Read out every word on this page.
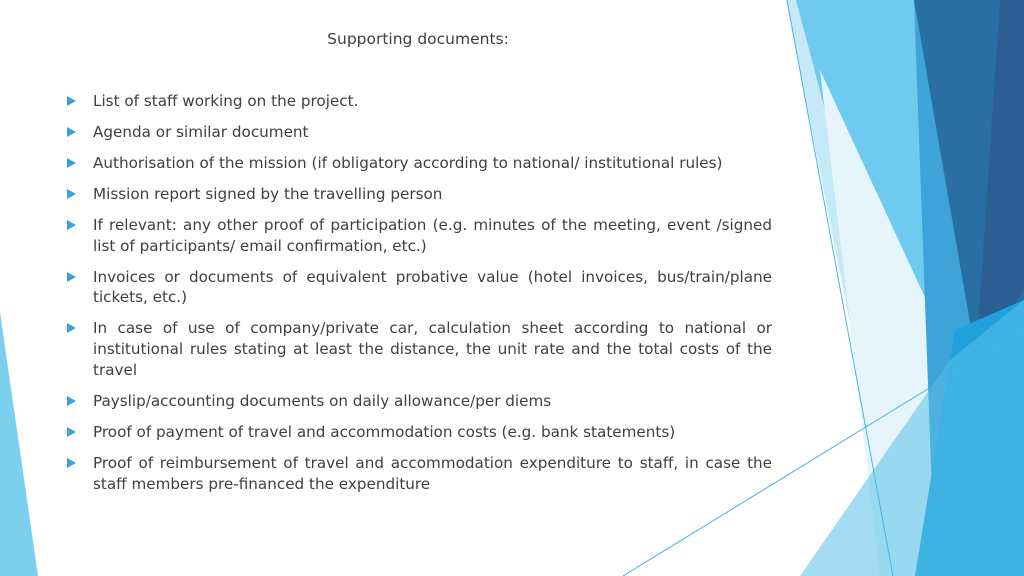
Supporting documents:
List of staff working on the project.
Agenda or similar document
Authorisation of the mission (if obligatory according to national/ institutional rules)
Mission report signed by the travelling person
If relevant: any other proof of participation (e.g. minutes of the meeting, event /signed list of participants/ email confirmation, etc.)
Invoices or documents of equivalent probative value (hotel invoices, bus/train/plane tickets, etc.)
In case of use of company/private car, calculation sheet according to national or institutional rules stating at least the distance, the unit rate and the total costs of the travel
Payslip/accounting documents on daily allowance/per diems
Proof of payment of travel and accommodation costs (e.g. bank statements)
Proof of reimbursement of travel and accommodation expenditure to staff, in case the staff members pre-financed the expenditure
